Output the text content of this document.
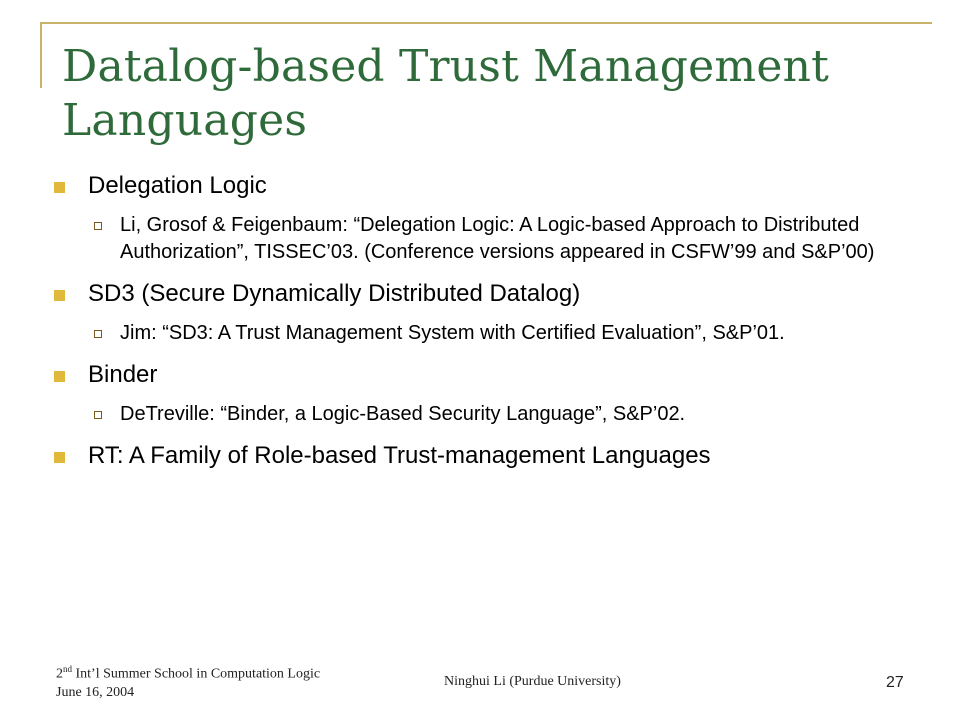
Datalog-based Trust Management Languages
Delegation Logic
Li, Grosof & Feigenbaum: “Delegation Logic: A Logic-based Approach to Distributed Authorization”, TISSEC’03. (Conference versions appeared in CSFW’99 and S&P’00)
SD3 (Secure Dynamically Distributed Datalog)
Jim: “SD3: A Trust Management System with Certified Evaluation”, S&P’01.
Binder
DeTreville: “Binder, a Logic-Based Security Language”, S&P’02.
RT: A Family of Role-based Trust-management Languages
2nd Int’l Summer School in Computation Logic
June 16, 2004
Ninghui Li (Purdue University)	27
